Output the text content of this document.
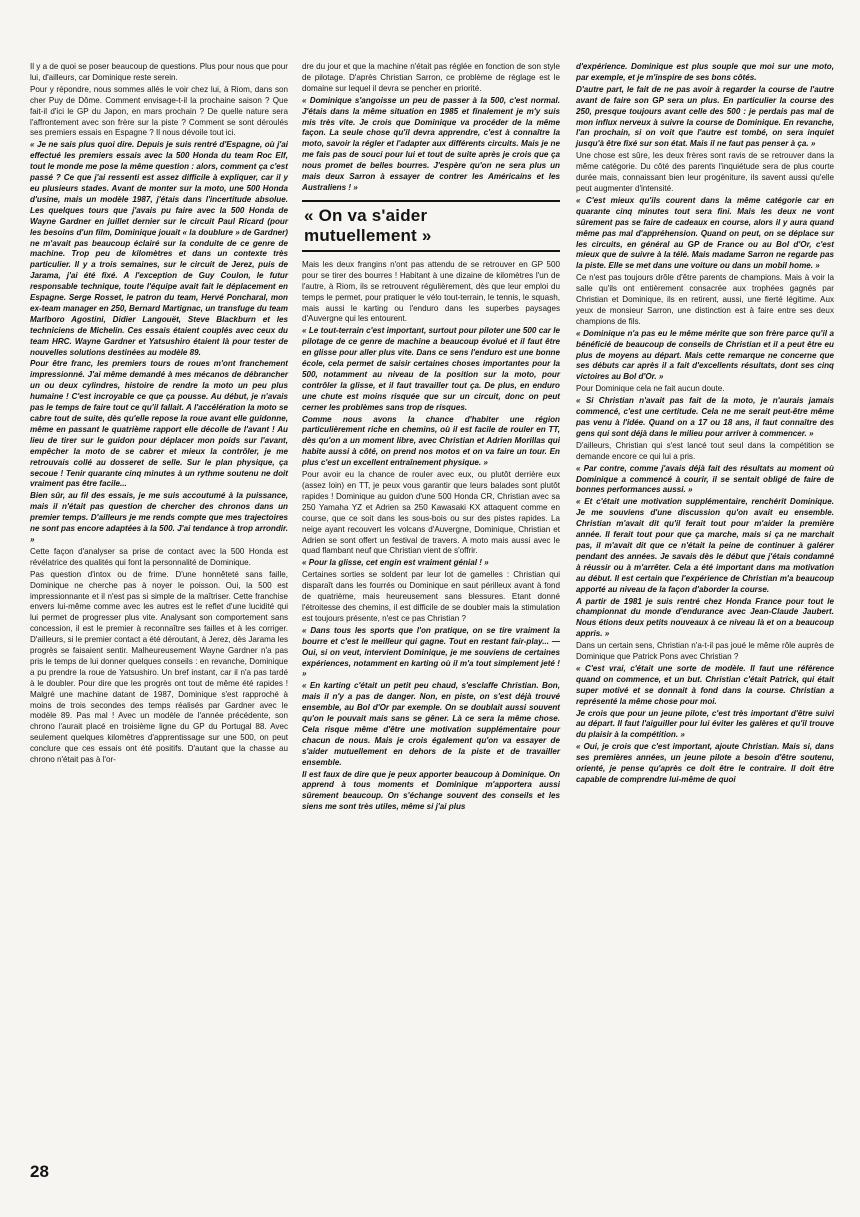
Il y a de quoi se poser beaucoup de questions. Plus pour nous que pour lui, d'ailleurs, car Dominique reste serein.

Pour y répondre, nous sommes allés le voir chez lui, à Riom, dans son cher Puy de Dôme. Comment envisage-t-il la prochaine saison ? Que fait-il d'ici le GP du Japon, en mars prochain ? De quelle nature sera l'affrontement avec son frère sur la piste ? Comment se sont déroulés ses premiers essais en Espagne ? Il nous dévoile tout ici.

« Je ne sais plus quoi dire. Depuis je suis rentré d'Espagne, où j'ai effectué les premiers essais avec la 500 Honda du team Roc Elf, tout le monde me pose la même question : alors, comment ça c'est passé ? Ce que j'ai ressenti est assez difficile à expliquer, car il y eu plusieurs stades. Avant de monter sur la moto, une 500 Honda d'usine, mais un modèle 1987, j'étais dans l'incertitude absolue. Les quelques tours que j'avais pu faire avec la 500 Honda de Wayne Gardner en juillet dernier sur le circuit Paul Ricard (pour les besoins d'un film, Dominique jouait « la doublure » de Gardner) ne m'avait pas beaucoup éclairé sur la conduite de ce genre de machine. Trop peu de kilomètres et dans un contexte très particulier. Il y a trois semaines, sur le circuit de Jerez, puis de Jarama, j'ai été fixé. A l'exception de Guy Coulon, le futur responsable technique, toute l'équipe avait fait le déplacement en Espagne. Serge Rosset, le patron du team, Hervé Poncharal, mon ex-team manager en 250, Bernard Martignac, un transfuge du team Marlboro Agostini, Didier Langouët, Steve Blackburn et les techniciens de Michelin. Ces essais étaient couplés avec ceux du team HRC. Wayne Gardner et Yatsushiro étaient là pour tester de nouvelles solutions destinées au modèle 89.

Pour être franc, les premiers tours de roues m'ont franchement impressionné. J'ai même demandé à mes mécanos de débrancher un ou deux cylindres, histoire de rendre la moto un peu plus humaine ! C'est incroyable ce que ça pousse. Au début, je n'avais pas le temps de faire tout ce qu'il fallait. A l'accélération la moto se cabre tout de suite, dès qu'elle repose la roue avant elle guidonne, même en passant le quatrième rapport elle décolle de l'avant ! Au lieu de tirer sur le guidon pour déplacer mon poids sur l'avant, empêcher la moto de se cabrer et mieux la contrôler, je me retrouvais collé au dosseret de selle. Sur le plan physique, ça secoue ! Tenir quarante cinq minutes à un rythme soutenu ne doit vraiment pas être facile...

Bien sûr, au fil des essais, je me suis accoutumé à la puissance, mais il n'était pas question de chercher des chronos dans un premier temps. D'ailleurs je me rends compte que mes trajectoires ne sont pas encore adaptées à la 500. J'ai tendance à trop arrondir. »

Cette façon d'analyser sa prise de contact avec la 500 Honda est révélatrice des qualités qui font la personnalité de Dominique.

Pas question d'intox ou de frime. D'une honnêteté sans faille, Dominique ne cherche pas à noyer le poisson. Oui, la 500 est impressionnante et il n'est pas si simple de la maîtriser. Cette franchise envers lui-même comme avec les autres est le reflet d'une lucidité qui lui permet de progresser plus vite. Analysant son comportement sans concession, il est le premier à reconnaître ses failles et à les corriger. D'ailleurs, si le premier contact a été déroutant, à Jerez, dès Jarama les progrès se faisaient sentir. Malheureusement Wayne Gardner n'a pas pris le temps de lui donner quelques conseils : en revanche, Dominique a pu prendre la roue de Yatsushiro. Un bref instant, car il n'a pas tardé à le doubler. Pour dire que les progrès ont tout de même été rapides ! Malgré une machine datant de 1987, Dominique s'est rapproché à moins de trois secondes des temps réalisés par Gardner avec le modèle 89. Pas mal ! Avec un modèle de l'année précédente, son chrono l'aurait placé en troisième ligne du GP du Portugal 88. Avec seulement quelques kilomètres d'apprentissage sur une 500, on peut conclure que ces essais ont été positifs. D'autant que la chasse au chrono n'était pas à l'or-

dre du jour et que la machine n'était pas réglée en fonction de son style de pilotage. D'après Christian Sarron, ce problème de réglage est le domaine sur lequel il devra se pencher en priorité.

« Dominique s'angoisse un peu de passer à la 500, c'est normal. J'étais dans la même situation en 1985 et finalement je m'y suis mis très vite. Je crois que Dominique va procéder de la même façon. La seule chose qu'il devra apprendre, c'est à connaître la moto, savoir la régler et l'adapter aux différents circuits. Mais je ne me fais pas de souci pour lui et tout de suite après je crois que ça nous promet de belles bourres. J'espère qu'on ne sera plus un mais deux Sarron à essayer de contrer les Américains et les Australiens ! »

« On va s'aider
mutuellement »

Mais les deux frangins n'ont pas attendu de se retrouver en GP 500 pour se tirer des bourres ! Habitant à une dizaine de kilomètres l'un de l'autre, à Riom, ils se retrouvent régulièrement, dès que leur emploi du temps le permet, pour pratiquer le vélo tout-terrain, le tennis, le squash, mais aussi le karting ou l'enduro dans les superbes paysages d'Auvergne qui les entourent.

« Le tout-terrain c'est important, surtout pour piloter une 500 car le pilotage de ce genre de machine a beaucoup évolué et il faut être en glisse pour aller plus vite. Dans ce sens l'enduro est une bonne école, cela permet de saisir certaines choses importantes pour la 500, notamment au niveau de la position sur la moto, pour contrôler la glisse, et il faut travailler tout ça. De plus, en enduro une chute est moins risquée que sur un circuit, donc on peut cerner les problèmes sans trop de risques.

Comme nous avons la chance d'habiter une région particulièrement riche en chemins, où il est facile de rouler en TT, dès qu'on a un moment libre, avec Christian et Adrien Morillas qui habite aussi à côté, on prend nos motos et on va faire un tour. En plus c'est un excellent entraînement physique. »

Pour avoir eu la chance de rouler avec eux, ou plutôt derrière eux (assez loin) en TT, je peux vous garantir que leurs balades sont plutôt rapides ! Dominique au guidon d'une 500 Honda CR, Christian avec sa 250 Yamaha YZ et Adrien sa 250 Kawasaki KX attaquent comme en course, que ce soit dans les sous-bois ou sur des pistes rapides. La neige ayant recouvert les volcans d'Auvergne, Dominique, Christian et Adrien se sont offert un festival de travers. A moto mais aussi avec le quad flambant neuf que Christian vient de s'offrir.

« Pour la glisse, cet engin est vraiment génial ! »

Certaines sorties se soldent par leur lot de gamelles : Christian qui disparaît dans les fourrés ou Dominique en saut périlleux avant à fond de quatrième, mais heureusement sans blessures. Etant donné l'étroitesse des chemins, il est difficile de se doubler mais la stimulation est toujours présente, n'est ce pas Christian ?

« Dans tous les sports que l'on pratique, on se tire vraiment la bourre et c'est le meilleur qui gagne. Tout en restant fair-play... — Oui, si on veut, intervient Dominique, je me souviens de certaines expériences, notamment en karting où il m'a tout simplement jeté ! »

« En karting c'était un petit peu chaud, s'esclaffe Christian. Bon, mais il n'y a pas de danger. Non, en piste, on s'est déjà trouvé ensemble, au Bol d'Or par exemple. On se doublait aussi souvent qu'on le pouvait mais sans se gêner. Là ce sera la même chose. Cela risque même d'être une motivation supplémentaire pour chacun de nous. Mais je crois également qu'on va essayer de s'aider mutuellement en dehors de la piste et de travailler ensemble.

Il est faux de dire que je peux apporter beaucoup à Dominique. On apprend à tous moments et Dominique m'apportera aussi sûrement beaucoup. On s'échange souvent des conseils et les siens me sont très utiles, même si j'ai plus

d'expérience. Dominique est plus souple que moi sur une moto, par exemple, et je m'inspire de ses bons côtés.

D'autre part, le fait de ne pas avoir à regarder la course de l'autre avant de faire son GP sera un plus. En particulier la course des 250, presque toujours avant celle des 500 : je perdais pas mal de mon influx nerveux à suivre la course de Dominique. En revanche, l'an prochain, si on voit que l'autre est tombé, on sera inquiet jusqu'à être fixé sur son état. Mais il ne faut pas penser à ça. »

Une chose est sûre, les deux frères sont ravis de se retrouver dans la même catégorie. Du côté des parents l'inquiétude sera de plus courte durée mais, connaissant bien leur progéniture, ils savent aussi qu'elle peut augmenter d'intensité.

« C'est mieux qu'ils courent dans la même catégorie car en quarante cinq minutes tout sera fini. Mais les deux ne vont sûrement pas se faire de cadeaux en course, alors il y aura quand même pas mal d'appréhension. Quand on peut, on se déplace sur les circuits, en général au GP de France ou au Bol d'Or, c'est mieux que de suivre à la télé. Mais madame Sarron ne regarde pas la piste. Elle se met dans une voiture ou dans un mobil home. »

Ce n'est pas toujours drôle d'être parents de champions. Mais à voir la salle qu'ils ont entièrement consacrée aux trophées gagnés par Christian et Dominique, ils en retirent, aussi, une fierté légitime. Aux yeux de monsieur Sarron, une distinction est à faire entre ses deux champions de fils.

« Dominique n'a pas eu le même mérite que son frère parce qu'il a bénéficié de beaucoup de conseils de Christian et il a peut être eu plus de moyens au départ. Mais cette remarque ne concerne que ses débuts car après il a fait d'excellents résultats, dont ses cinq victoires au Bol d'Or. »

Pour Dominique cela ne fait aucun doute.

« Si Christian n'avait pas fait de la moto, je n'aurais jamais commencé, c'est une certitude. Cela ne me serait peut-être même pas venu à l'idée. Quand on a 17 ou 18 ans, il faut connaître des gens qui sont déjà dans le milieu pour arriver à commencer. »

D'ailleurs, Christian qui s'est lancé tout seul dans la compétition se demande encore ce qui lui a pris.

« Par contre, comme j'avais déjà fait des résultats au moment où Dominique a commencé à courir, il se sentait obligé de faire de bonnes performances aussi. »

« Et c'était une motivation supplémentaire, renchérit Dominique. Je me souviens d'une discussion qu'on avait eu ensemble. Christian m'avait dit qu'il ferait tout pour m'aider la première année. Il ferait tout pour que ça marche, mais si ça ne marchait pas, il m'avait dit que ce n'était la peine de continuer à galérer pendant des années. Je savais dès le début que j'étais condamné à réussir ou à m'arrêter. Cela a été important dans ma motivation au début. Il est certain que l'expérience de Christian m'a beaucoup apporté au niveau de la façon d'aborder la course.

A partir de 1981 je suis rentré chez Honda France pour tout le championnat du monde d'endurance avec Jean-Claude Jaubert. Nous étions deux petits nouveaux à ce niveau là et on a beaucoup appris. »

Dans un certain sens, Christian n'a-t-il pas joué le même rôle auprès de Dominique que Patrick Pons avec Christian ?

« C'est vrai, c'était une sorte de modèle. Il faut une référence quand on commence, et un but. Christian c'était Patrick, qui était super motivé et se donnait à fond dans la course. Christian a représenté la même chose pour moi.

Je crois que pour un jeune pilote, c'est très important d'être suivi au départ. Il faut l'aiguiller pour lui éviter les galères et qu'il trouve du plaisir à la compétition. »

« Oui, je crois que c'est important, ajoute Christian. Mais si, dans ses premières années, un jeune pilote a besoin d'être soutenu, orienté, je pense qu'après ce doit être le contraire. Il doit être capable de comprendre lui-même de quoi

28
